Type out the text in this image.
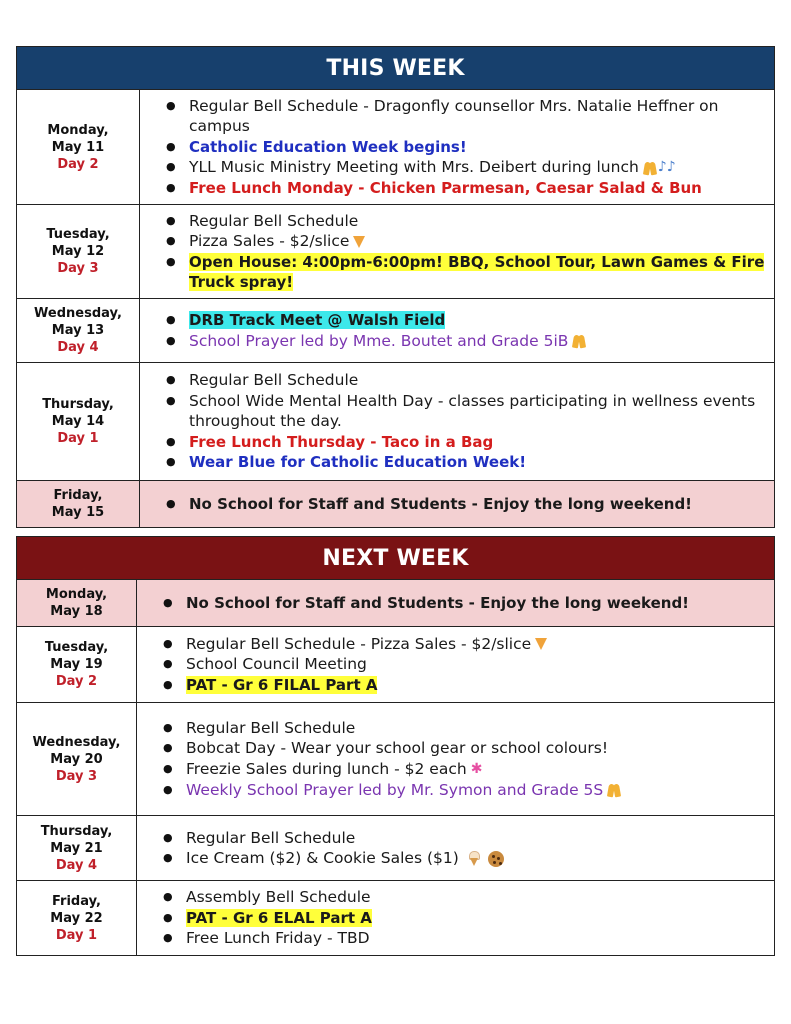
THIS WEEK
Monday,
May 11
Day 2
● Regular Bell Schedule - Dragonfly counsellor Mrs. Natalie Heffner on campus
● Catholic Education Week begins!
● YLL Music Ministry Meeting with Mrs. Deibert during lunch ♪♪
● Free Lunch Monday - Chicken Parmesan, Caesar Salad & Bun
Tuesday,
May 12
Day 3
● Regular Bell Schedule
● Pizza Sales - $2/slice
● Open House: 4:00pm-6:00pm! BBQ, School Tour, Lawn Games & Fire Truck spray!
Wednesday,
May 13
Day 4
● DRB Track Meet @ Walsh Field
● School Prayer led by Mme. Boutet and Grade 5iB
Thursday,
May 14
Day 1
● Regular Bell Schedule
● School Wide Mental Health Day - classes participating in wellness events throughout the day.
● Free Lunch Thursday - Taco in a Bag
● Wear Blue for Catholic Education Week!
Friday,
May 15	● No School for Staff and Students - Enjoy the long weekend!
NEXT WEEK
Monday,
May 18	● No School for Staff and Students - Enjoy the long weekend!
Tuesday,
May 19
Day 2
● Regular Bell Schedule - Pizza Sales - $2/slice
● School Council Meeting
● PAT - Gr 6 FILAL Part A
Wednesday,
May 20
Day 3
● Regular Bell Schedule
● Bobcat Day - Wear your school gear or school colours!
● Freezie Sales during lunch - $2 each ✱
● Weekly School Prayer led by Mr. Symon and Grade 5S
Thursday,
May 21
Day 4
● Regular Bell Schedule
● Ice Cream ($2) & Cookie Sales ($1)
Friday,
May 22
Day 1
● Assembly Bell Schedule
● PAT - Gr 6 ELAL Part A
● Free Lunch Friday - TBD
